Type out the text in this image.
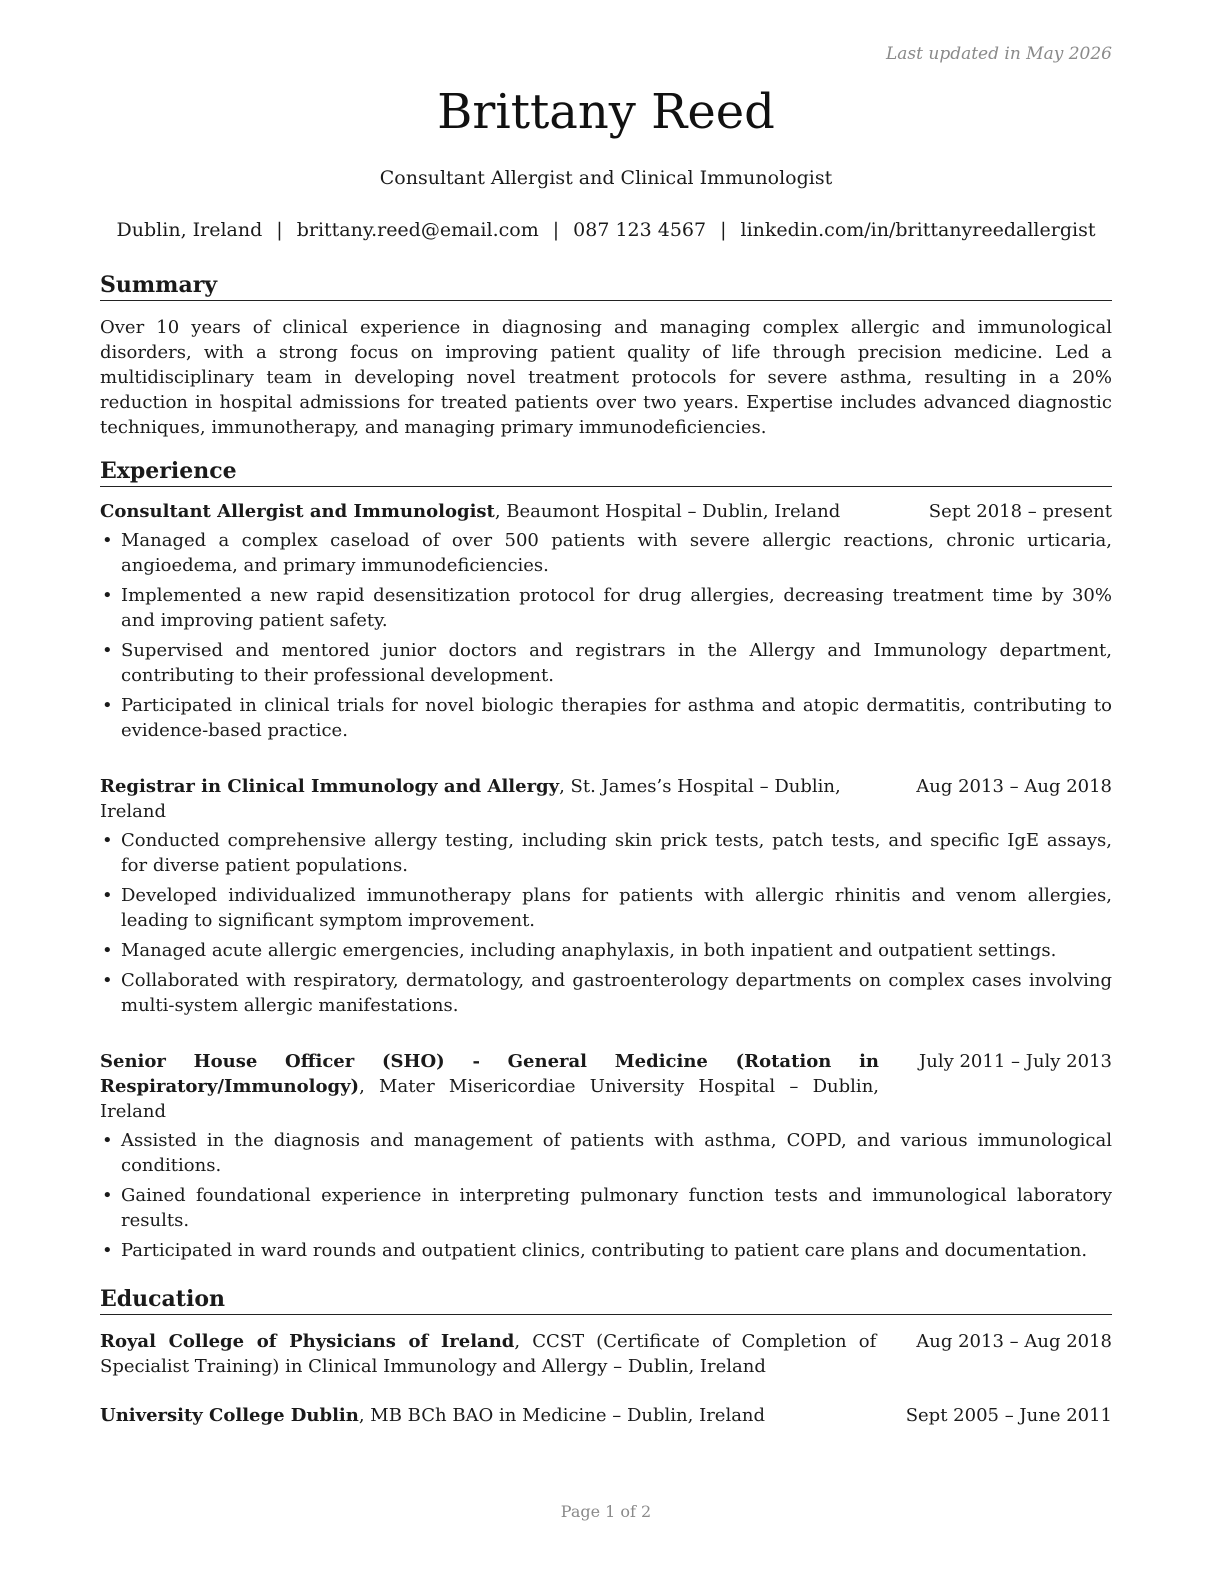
Last updated in May 2026
Brittany Reed
Consultant Allergist and Clinical Immunologist
Dublin, Ireland | brittany.reed@email.com | 087 123 4567 | linkedin.com/in/brittanyreedallergist
Summary

Over 10 years of clinical experience in diagnosing and managing complex allergic and immunological disorders, with a strong focus on improving patient quality of life through precision medicine. Led a multidisciplinary team in developing novel treatment protocols for severe asthma, resulting in a 20% reduction in hospital admissions for treated patients over two years. Expertise includes advanced diagnostic techniques, immunotherapy, and managing primary immunodeficiencies.

Experience
Consultant Allergist and Immunologist, Beaumont Hospital – Dublin, Ireland	Sept 2018 – present
• Managed a complex caseload of over 500 patients with severe allergic reactions, chronic urticaria, angioedema, and primary immunodeficiencies.
• Implemented a new rapid desensitization protocol for drug allergies, decreasing treatment time by 30% and improving patient safety.
• Supervised and mentored junior doctors and registrars in the Allergy and Immunology department, contributing to their professional development.
• Participated in clinical trials for novel biologic therapies for asthma and atopic dermatitis, contributing to evidence-based practice.
Registrar in Clinical Immunology and Allergy, St. James’s Hospital – Dublin, Ireland
Aug 2013 – Aug 2018
• Conducted comprehensive allergy testing, including skin prick tests, patch tests, and specific IgE assays, for diverse patient populations.
• Developed individualized immunotherapy plans for patients with allergic rhinitis and venom allergies, leading to significant symptom improvement.
• Managed acute allergic emergencies, including anaphylaxis, in both inpatient and outpatient settings.
• Collaborated with respiratory, dermatology, and gastroenterology departments on complex cases involving multi-system allergic manifestations.
Senior House Officer (SHO) - General Medicine (Rotation in Respiratory/Immunology), Mater Misericordiae University Hospital – Dublin, Ireland
July 2011 – July 2013
• Assisted in the diagnosis and management of patients with asthma, COPD, and various immunological conditions.
• Gained foundational experience in interpreting pulmonary function tests and immunological laboratory results.
• Participated in ward rounds and outpatient clinics, contributing to patient care plans and documentation.
Education
Royal College of Physicians of Ireland, CCST (Certificate of Completion of Specialist Training) in Clinical Immunology and Allergy – Dublin, Ireland
Aug 2013 – Aug 2018
University College Dublin, MB BCh BAO in Medicine – Dublin, Ireland	Sept 2005 – June 2011
Page 1 of 2
